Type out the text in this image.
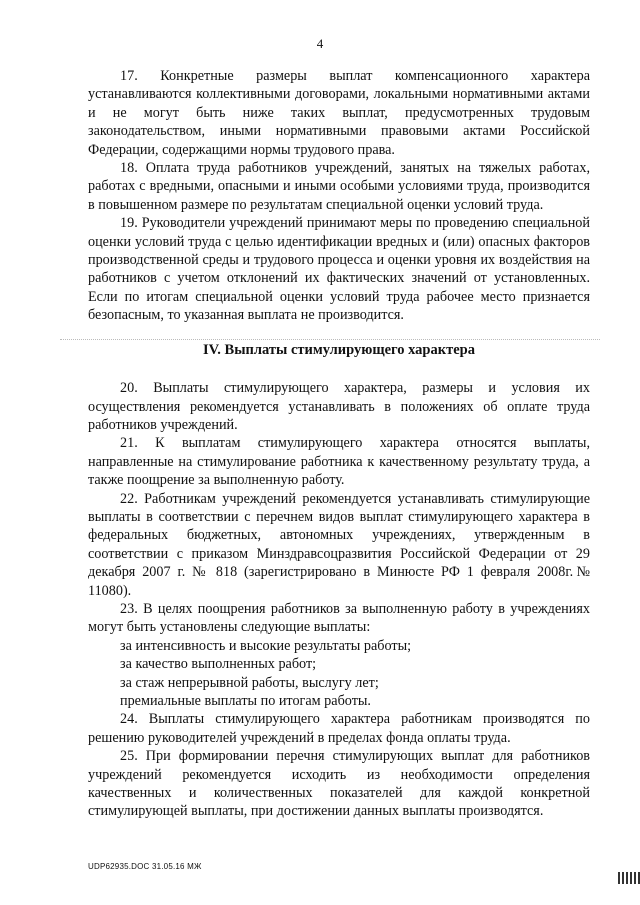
4

17. Конкретные размеры выплат компенсационного характера устанавливаются коллективными договорами, локальными нормативными актами и не могут быть ниже таких выплат, предусмотренных трудовым законодательством, иными нормативными правовыми актами Российской Федерации, содержащими нормы трудового права.

18. Оплата труда работников учреждений, занятых на тяжелых работах, работах с вредными, опасными и иными особыми условиями труда, производится в повышенном размере по результатам специальной оценки условий труда.

19. Руководители учреждений принимают меры по проведению специальной оценки условий труда с целью идентификации вредных и (или) опасных факторов производственной среды и трудового процесса и оценки уровня их воздействия на работников с учетом отклонений их фактических значений от установленных. Если по итогам специальной оценки условий труда рабочее место признается безопасным, то указанная выплата не производится.

IV. Выплаты стимулирующего характера

20. Выплаты стимулирующего характера, размеры и условия их осуществления рекомендуется устанавливать в положениях об оплате труда работников учреждений.

21. К выплатам стимулирующего характера относятся выплаты, направленные на стимулирование работника к качественному результату труда, а также поощрение за выполненную работу.

22. Работникам учреждений рекомендуется устанавливать стимулирующие выплаты в соответствии с перечнем видов выплат стимулирующего характера в федеральных бюджетных, автономных учреждениях, утвержденным в соответствии с приказом Минздравсоцразвития Российской Федерации от 29 декабря 2007 г. № 818 (зарегистрировано в Минюсте РФ 1 февраля 2008г.№ 11080).

23. В целях поощрения работников за выполненную работу в учреждениях могут быть установлены следующие выплаты:

за интенсивность и высокие результаты работы;

за качество выполненных работ;

за стаж непрерывной работы, выслугу лет;

премиальные выплаты по итогам работы.

24. Выплаты стимулирующего характера работникам производятся по решению руководителей учреждений в пределах фонда оплаты труда.

25. При формировании перечня стимулирующих выплат для работников учреждений рекомендуется исходить из необходимости определения качественных и количественных показателей для каждой конкретной стимулирующей выплаты, при достижении данных выплаты производятся.

UDP62935.DOC 31.05.16 МЖ
